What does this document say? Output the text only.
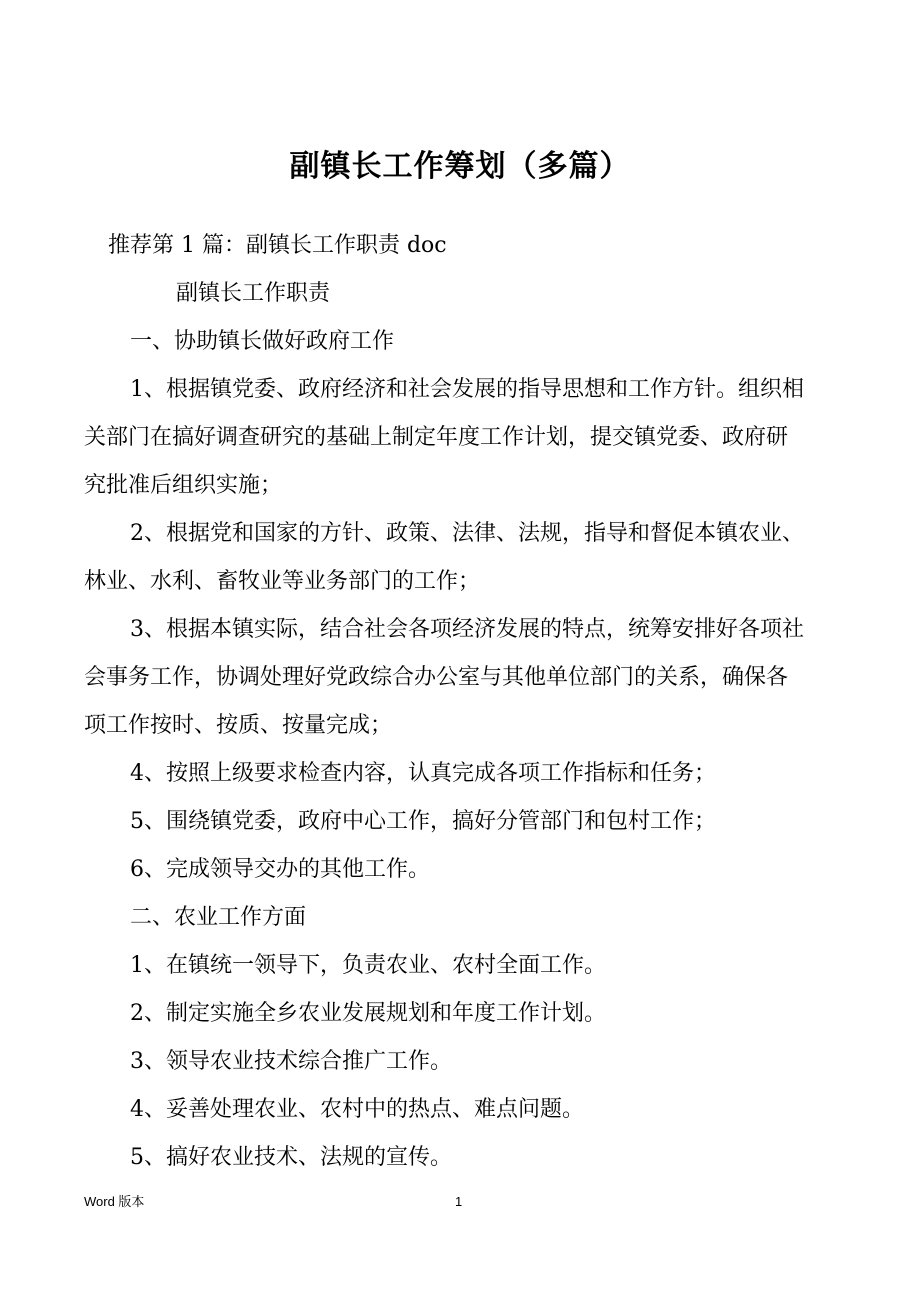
副镇长工作筹划（多篇）
推荐第 1 篇：副镇长工作职责 doc
副镇长工作职责
一、协助镇长做好政府工作
1、根据镇党委、政府经济和社会发展的指导思想和工作方针。组织相
关部门在搞好调查研究的基础上制定年度工作计划，提交镇党委、政府研
究批准后组织实施；
2、根据党和国家的方针、政策、法律、法规，指导和督促本镇农业、
林业、水利、畜牧业等业务部门的工作；
3、根据本镇实际，结合社会各项经济发展的特点，统筹安排好各项社
会事务工作，协调处理好党政综合办公室与其他单位部门的关系，确保各
项工作按时、按质、按量完成；
4、按照上级要求检查内容，认真完成各项工作指标和任务；
5、围绕镇党委，政府中心工作，搞好分管部门和包村工作；
6、完成领导交办的其他工作。
二、农业工作方面
1、在镇统一领导下，负责农业、农村全面工作。
2、制定实施全乡农业发展规划和年度工作计划。
3、领导农业技术综合推广工作。
4、妥善处理农业、农村中的热点、难点问题。
5、搞好农业技术、法规的宣传。
Word 版本	1
